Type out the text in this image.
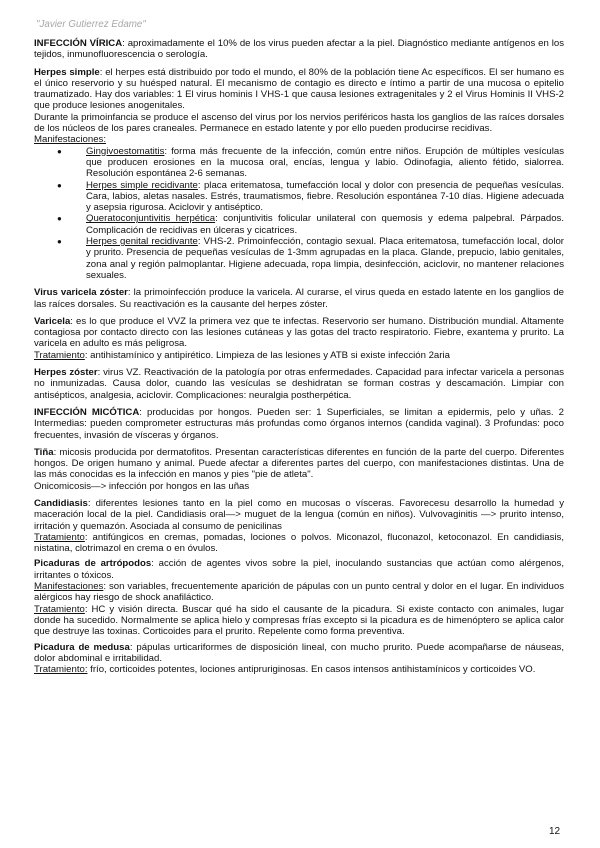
"Javier Gutierrez Edame"

INFECCIÓN VÍRICA: aproximadamente el 10% de los virus pueden afectar a la piel. Diagnóstico mediante antígenos en los tejidos, inmunofluorescencia o serología.

Herpes simple: el herpes está distribuido por todo el mundo, el 80% de la población tiene Ac específicos. El ser humano es el único reservorio y su huésped natural. El mecanismo de contagio es directo e íntimo a partir de una mucosa o epitelio traumatizado. Hay dos variables: 1 El virus hominis I VHS-1 que causa lesiones extragenitales y 2 el Virus Hominis II VHS-2 que produce lesiones anogenitales.

Durante la primoinfancia se produce el ascenso del virus por los nervios periféricos hasta los ganglios de las raíces dorsales de los núcleos de los pares craneales. Permanece en estado latente y por ello pueden producirse recidivas.

Manifestaciones:

● Gingivoestomatitis: forma más frecuente de la infección, común entre niños. Erupción de múltiples vesículas que producen erosiones en la mucosa oral, encías, lengua y labio. Odinofagia, aliento fétido, sialorrea. Resolución espontánea 2-6 semanas.
● Herpes simple recidivante: placa eritematosa, tumefacción local y dolor con presencia de pequeñas vesículas. Cara, labios, aletas nasales. Estrés, traumatismos, fiebre. Resolución espontánea 7-10 días. Higiene adecuada y asepsia rigurosa. Aciclovir y antiséptico.
● Queratoconjuntivitis herpética: conjuntivitis folicular unilateral con quemosis y edema palpebral. Párpados. Complicación de recidivas en úlceras y cicatrices.
● Herpes genital recidivante: VHS-2. Primoinfección, contagio sexual. Placa eritematosa, tumefacción local, dolor y prurito. Presencia de pequeñas vesículas de 1-3mm agrupadas en la placa. Glande, prepucio, labio genitales, zona anal y región palmoplantar. Higiene adecuada, ropa limpia, desinfección, aciclovir, no mantener relaciones sexuales.

Virus varicela zóster: la primoinfección produce la varicela. Al curarse, el virus queda en estado latente en los ganglios de las raíces dorsales. Su reactivación es la causante del herpes zóster.

Varicela: es lo que produce el VVZ la primera vez que te infectas. Reservorio ser humano. Distribución mundial. Altamente contagiosa por contacto directo con las lesiones cutáneas y las gotas del tracto respiratorio. Fiebre, exantema y prurito. La varicela en adulto es más peligrosa.

Tratamiento: antihistamínico y antipirético. Limpieza de las lesiones y ATB si existe infección 2aria

Herpes zóster: virus VZ. Reactivación de la patología por otras enfermedades. Capacidad para infectar varicela a personas no inmunizadas. Causa dolor, cuando las vesículas se deshidratan se forman costras y descamación. Limpiar con antisépticos, analgesia, aciclovir. Complicaciones: neuralgia postherpética.

INFECCIÓN MICÓTICA: producidas por hongos. Pueden ser: 1 Superficiales, se limitan a epidermis, pelo y uñas. 2 Intermedias: pueden comprometer estructuras más profundas como órganos internos (candida vaginal). 3 Profundas: poco frecuentes, invasión de vísceras y órganos.

Tiña: micosis producida por dermatofitos. Presentan características diferentes en función de la parte del cuerpo. Diferentes hongos. De origen humano y animal. Puede afectar a diferentes partes del cuerpo, con manifestaciones distintas. Una de las más conocidas es la infección en manos y pies "pie de atleta".

Onicomicosis—> infección por hongos en las uñas

Candidiasis: diferentes lesiones tanto en la piel como en mucosas o vísceras. Favorecesu desarrollo la humedad y maceración local de la piel. Candidiasis oral—> muguet de la lengua (común en niños). Vulvovaginitis —> prurito intenso, irritación y quemazón. Asociada al consumo de penicilinas

Tratamiento: antifúngicos en cremas, pomadas, lociones o polvos. Miconazol, fluconazol, ketoconazol. En candidiasis, nistatina, clotrimazol en crema o en óvulos.

Picaduras de artrópodos: acción de agentes vivos sobre la piel, inoculando sustancias que actúan como alérgenos, irritantes o tóxicos.

Manifestaciones: son variables, frecuentemente aparición de pápulas con un punto central y dolor en el lugar. En individuos alérgicos hay riesgo de shock anafiláctico.

Tratamiento: HC y visión directa. Buscar qué ha sido el causante de la picadura. Si existe contacto con animales, lugar donde ha sucedido. Normalmente se aplica hielo y compresas frías excepto si la picadura es de himenóptero se aplica calor que destruye las toxinas. Corticoides para el prurito. Repelente como forma preventiva.

Picadura de medusa: pápulas urticariformes de disposición lineal, con mucho prurito. Puede acompañarse de náuseas, dolor abdominal e irritabilidad.

Tratamiento: frío, corticoides potentes, lociones antipruriginosas. En casos intensos antihistamínicos y corticoides VO.

12
